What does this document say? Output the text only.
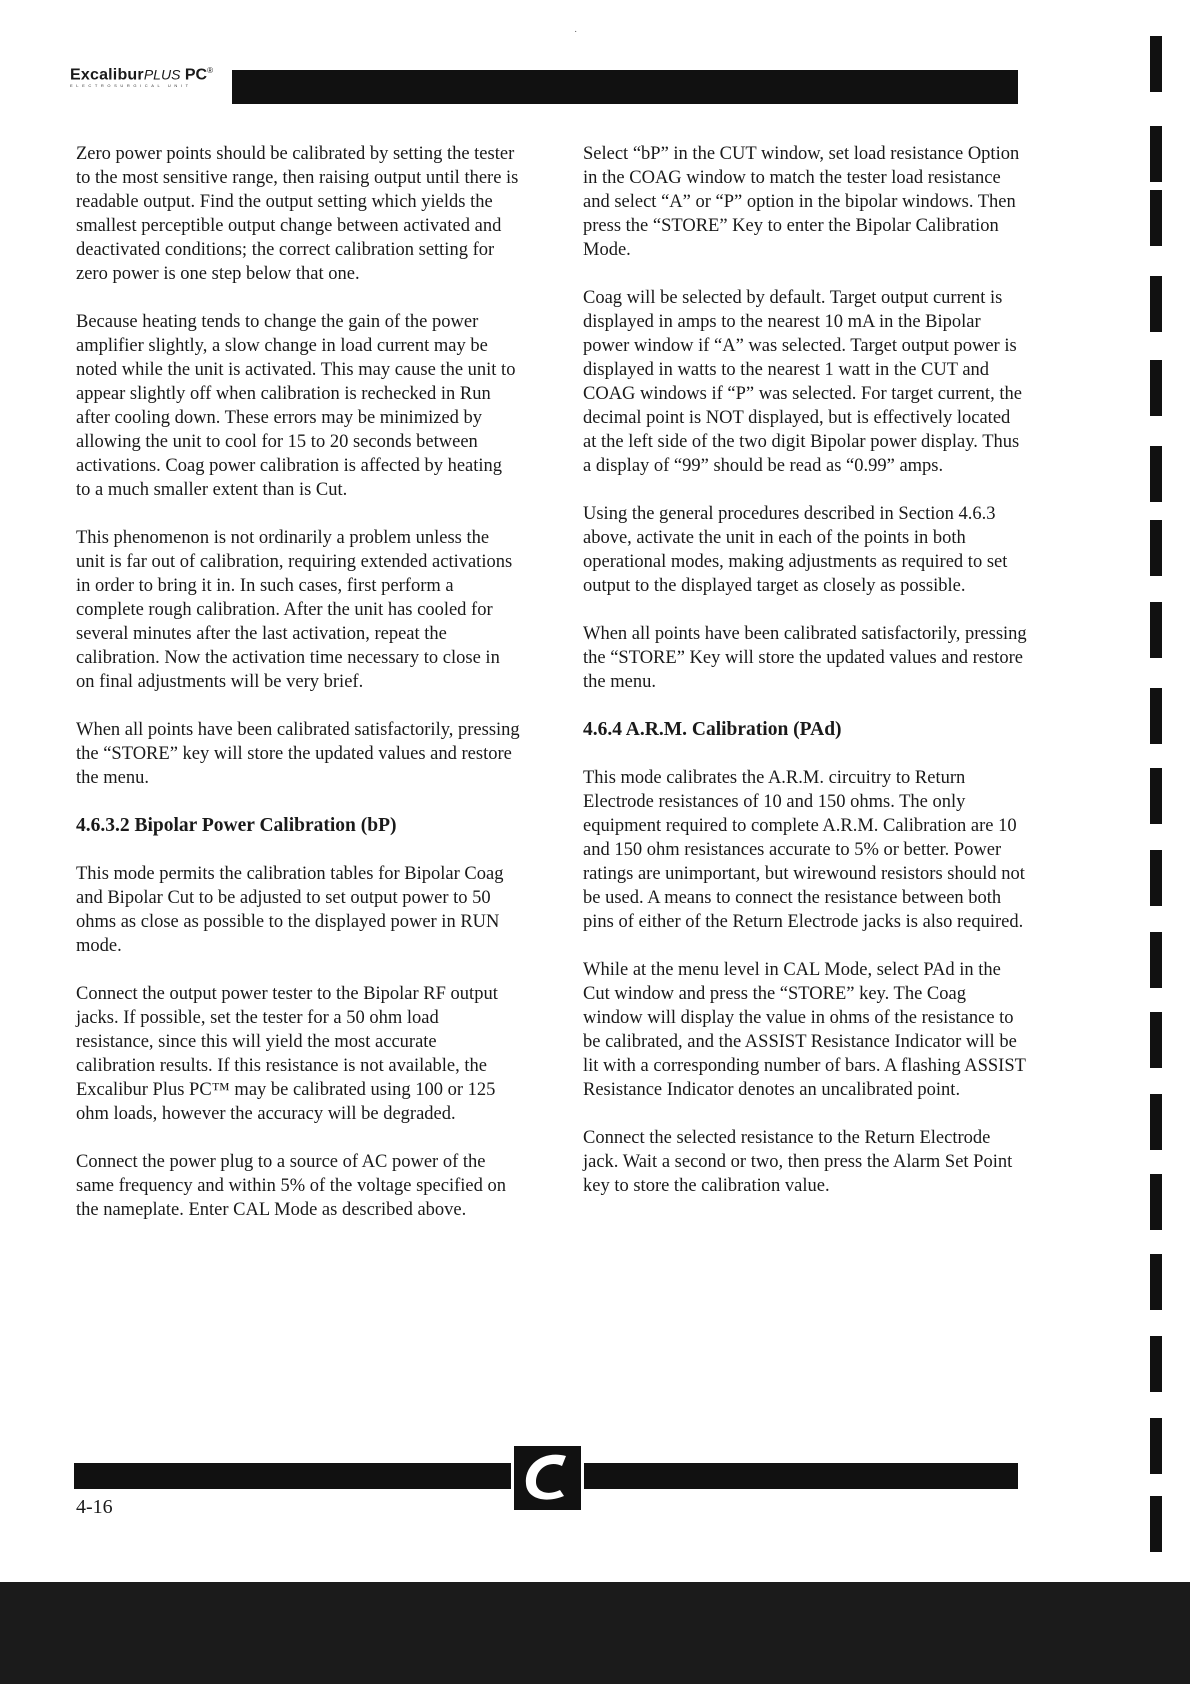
ExcaliburPLUS PC®
ELECTROSURGICAL UNIT
˙

Zero power points should be calibrated by setting the tester to the most sensitive range, then raising output until there is readable output. Find the output setting which yields the smallest perceptible output change between activated and deactivated conditions; the correct calibration setting for zero power is one step below that one.

Because heating tends to change the gain of the power amplifier slightly, a slow change in load current may be noted while the unit is activated. This may cause the unit to appear slightly off when calibration is rechecked in Run after cooling down. These errors may be minimized by allowing the unit to cool for 15 to 20 seconds between activations. Coag power calibration is affected by heating to a much smaller extent than is Cut.

This phenomenon is not ordinarily a problem unless the unit is far out of calibration, requiring extended activations in order to bring it in. In such cases, first perform a complete rough calibration. After the unit has cooled for several minutes after the last activation, repeat the calibration. Now the activation time necessary to close in on final adjustments will be very brief.

When all points have been calibrated satisfactorily, pressing the “STORE” key will store the updated values and restore the menu.

4.6.3.2 Bipolar Power Calibration (bP)

This mode permits the calibration tables for Bipolar Coag and Bipolar Cut to be adjusted to set output power to 50 ohms as close as possible to the displayed power in RUN mode.

Connect the output power tester to the Bipolar RF output jacks. If possible, set the tester for a 50 ohm load resistance, since this will yield the most accurate calibration results. If this resistance is not available, the Excalibur Plus PC™ may be calibrated using 100 or 125 ohm loads, however the accuracy will be degraded.

Connect the power plug to a source of AC power of the same frequency and within 5% of the voltage specified on the nameplate. Enter CAL Mode as described above.

Select “bP” in the CUT window, set load resistance Option in the COAG window to match the tester load resistance and select “A” or “P” option in the bipolar windows. Then press the “STORE” Key to enter the Bipolar Calibration Mode.

Coag will be selected by default. Target output current is displayed in amps to the nearest 10 mA in the Bipolar power window if “A” was selected. Target output power is displayed in watts to the nearest 1 watt in the CUT and COAG windows if “P” was selected. For target current, the decimal point is NOT displayed, but is effectively located at the left side of the two digit Bipolar power display. Thus a display of “99” should be read as “0.99” amps.

Using the general procedures described in Section 4.6.3 above, activate the unit in each of the points in both operational modes, making adjustments as required to set output to the displayed target as closely as possible.

When all points have been calibrated satisfactorily, pressing the “STORE” Key will store the updated values and restore the menu.

4.6.4 A.R.M. Calibration (PAd)

This mode calibrates the A.R.M. circuitry to Return Electrode resistances of 10 and 150 ohms. The only equipment required to complete A.R.M. Calibration are 10 and 150 ohm resistances accurate to 5% or better. Power ratings are unimportant, but wirewound resistors should not be used. A means to connect the resistance between both pins of either of the Return Electrode jacks is also required.

While at the menu level in CAL Mode, select PAd in the Cut window and press the “STORE” key. The Coag window will display the value in ohms of the resistance to be calibrated, and the ASSIST Resistance Indicator will be lit with a corresponding number of bars. A flashing ASSIST Resistance Indicator denotes an uncalibrated point.

Connect the selected resistance to the Return Electrode jack. Wait a second or two, then press the Alarm Set Point key to store the calibration value.

4-16
